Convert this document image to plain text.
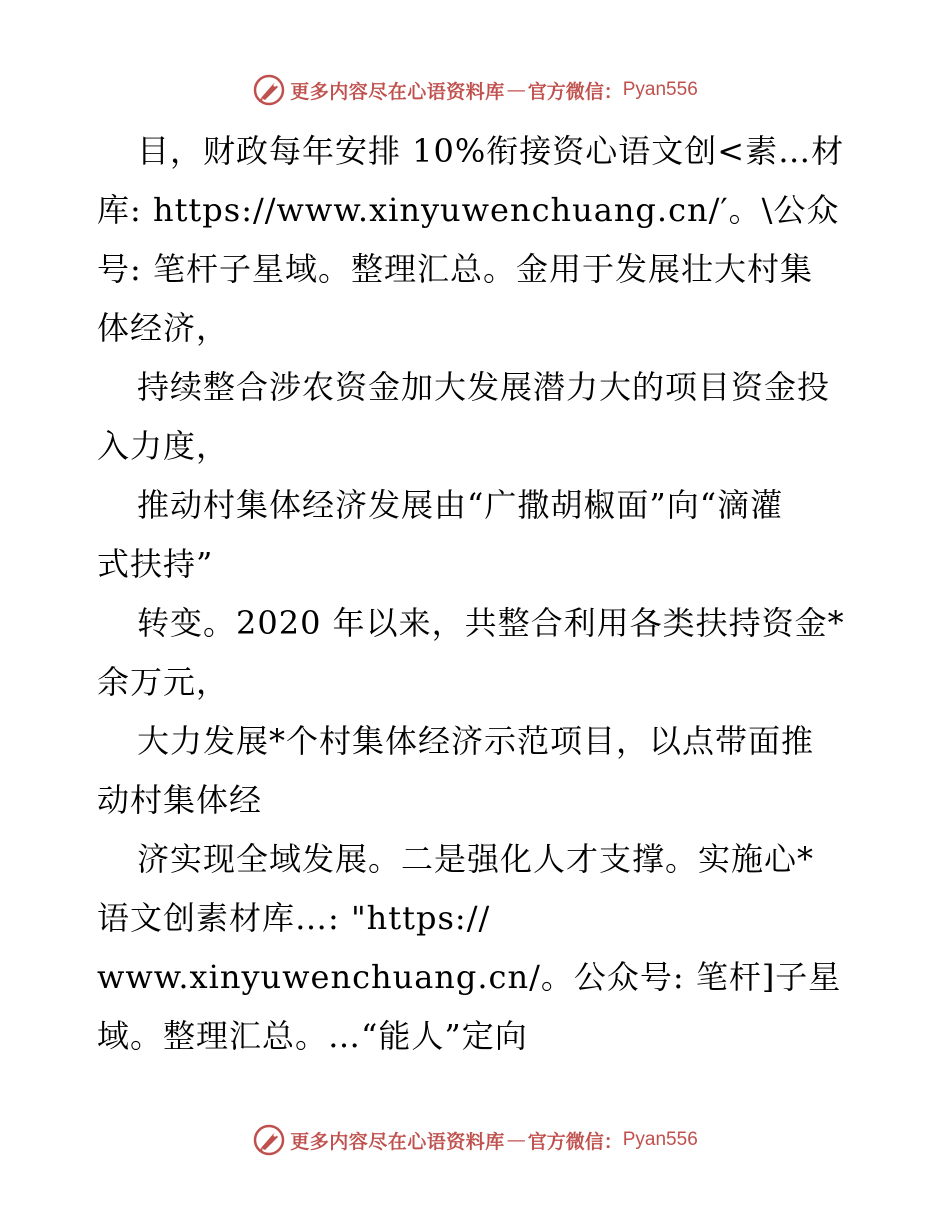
更多内容尽在心语资料库 — 官方微信： Pyan556
目，财政每年安排 10%衔接资心语文创<素…材
库: https://www.xinyuwenchuang.cn/′。\公众
号: 笔杆子星域。整理汇总。金用于发展壮大村集
体经济，
持续整合涉农资金加大发展潜力大的项目资金投
入力度，
推动村集体经济发展由“广撒胡椒面”向“滴灌
式扶持”
转变。2020 年以来，共整合利用各类扶持资金*
余万元，
大力发展*个村集体经济示范项目，以点带面推
动村集体经
济实现全域发展。二是强化人才支撑。实施心*
语文创素材库…: "https://
www.xinyuwenchuang.cn/。公众号: 笔杆]子星
域。整理汇总。…“能人”定向
更多内容尽在心语资料库 — 官方微信： Pyan556
